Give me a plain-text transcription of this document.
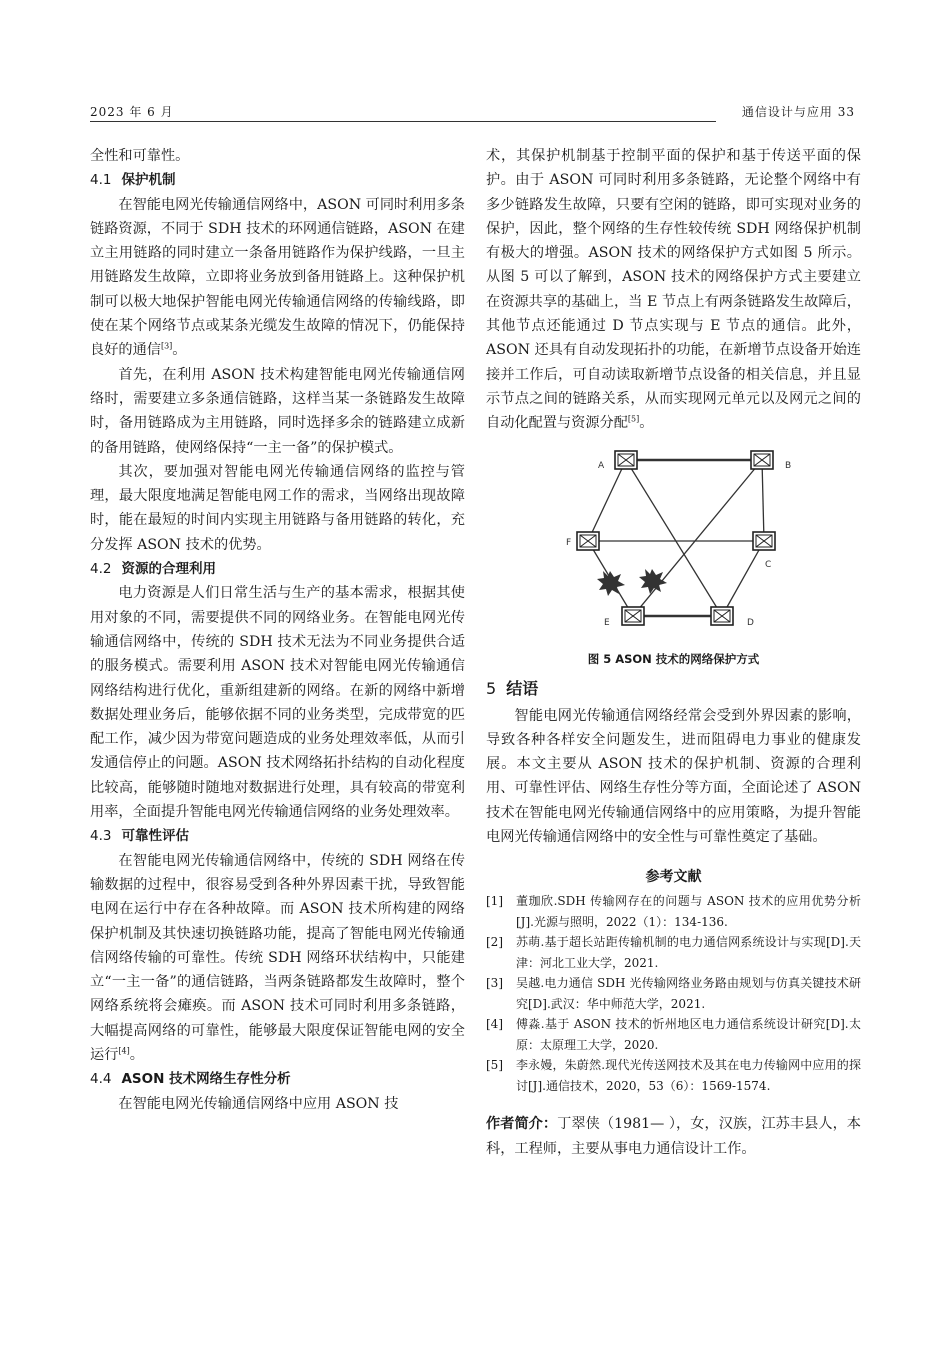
2023 年 6 月	通信设计与应用 33

全性和可靠性。

4.1 保护机制

在智能电网光传输通信网络中，ASON 可同时利用多条链路资源，不同于 SDH 技术的环网通信链路，ASON 在建立主用链路的同时建立一条备用链路作为保护线路，一旦主用链路发生故障，立即将业务放到备用链路上。这种保护机制可以极大地保护智能电网光传输通信网络的传输线路，即使在某个网络节点或某条光缆发生故障的情况下，仍能保持良好的通信[3]。

首先，在利用 ASON 技术构建智能电网光传输通信网络时，需要建立多条通信链路，这样当某一条链路发生故障时，备用链路成为主用链路，同时选择多余的链路建立成新的备用链路，使网络保持“一主一备”的保护模式。

其次，要加强对智能电网光传输通信网络的监控与管理，最大限度地满足智能电网工作的需求，当网络出现故障时，能在最短的时间内实现主用链路与备用链路的转化，充分发挥 ASON 技术的优势。

4.2 资源的合理利用

电力资源是人们日常生活与生产的基本需求，根据其使用对象的不同，需要提供不同的网络业务。在智能电网光传输通信网络中，传统的 SDH 技术无法为不同业务提供合适的服务模式。需要利用 ASON 技术对智能电网光传输通信网络结构进行优化，重新组建新的网络。在新的网络中新增数据处理业务后，能够依据不同的业务类型，完成带宽的匹配工作，减少因为带宽问题造成的业务处理效率低，从而引发通信停止的问题。ASON 技术网络拓扑结构的自动化程度比较高，能够随时随地对数据进行处理，具有较高的带宽利用率，全面提升智能电网光传输通信网络的业务处理效率。

4.3 可靠性评估

在智能电网光传输通信网络中，传统的 SDH 网络在传输数据的过程中，很容易受到各种外界因素干扰，导致智能电网在运行中存在各种故障。而 ASON 技术所构建的网络保护机制及其快速切换链路功能，提高了智能电网光传输通信网络传输的可靠性。传统 SDH 网络环状结构中，只能建立“一主一备”的通信链路，当两条链路都发生故障时，整个网络系统将会瘫痪。而 ASON 技术可同时利用多条链路，大幅提高网络的可靠性，能够最大限度保证智能电网的安全运行[4]。

4.4 ASON 技术网络生存性分析

在智能电网光传输通信网络中应用 ASON 技

术，其保护机制基于控制平面的保护和基于传送平面的保护。由于 ASON 可同时利用多条链路，无论整个网络中有多少链路发生故障，只要有空闲的链路，即可实现对业务的保护，因此，整个网络的生存性较传统 SDH 网络保护机制有极大的增强。ASON 技术的网络保护方式如图 5 所示。从图 5 可以了解到，ASON 技术的网络保护方式主要建立在资源共享的基础上，当 E 节点上有两条链路发生故障后，其他节点还能通过 D 节点实现与 E 节点的通信。此外，ASON 还具有自动发现拓扑的功能，在新增节点设备开始连接并工作后，可自动读取新增节点设备的相关信息，并且显示节点之间的链路关系，从而实现网元单元以及网元之间的自动化配置与资源分配[5]。

A	B
F
C
E	D
图 5 ASON 技术的网络保护方式
5 结语

智能电网光传输通信网络经常会受到外界因素的影响，导致各种各样安全问题发生，进而阻碍电力事业的健康发展。本文主要从 ASON 技术的保护机制、资源的合理利用、可靠性评估、网络生存性分等方面，全面论述了 ASON 技术在智能电网光传输通信网络中的应用策略，为提升智能电网光传输通信网络中的安全性与可靠性奠定了基础。

参考文献
[1] 董珈欣.SDH 传输网存在的问题与 ASON 技术的应用优势分析[J].光源与照明，2022（1）：134-136.
[2] 苏萌.基于超长站距传输机制的电力通信网系统设计与实现[D].天津：河北工业大学，2021.
[3] 吴越.电力通信 SDH 光传输网络业务路由规划与仿真关键技术研究[D].武汉：华中师范大学，2021.
[4] 傅淼.基于 ASON 技术的忻州地区电力通信系统设计研究[D].太原：太原理工大学，2020.
[5] 李永嫚，朱蔚然.现代光传送网技术及其在电力传输网中应用的探讨[J].通信技术，2020，53（6）：1569-1574.
作者简介：丁翠侠（1981— ），女，汉族，江苏丰县人，本科，工程师，主要从事电力通信设计工作。
